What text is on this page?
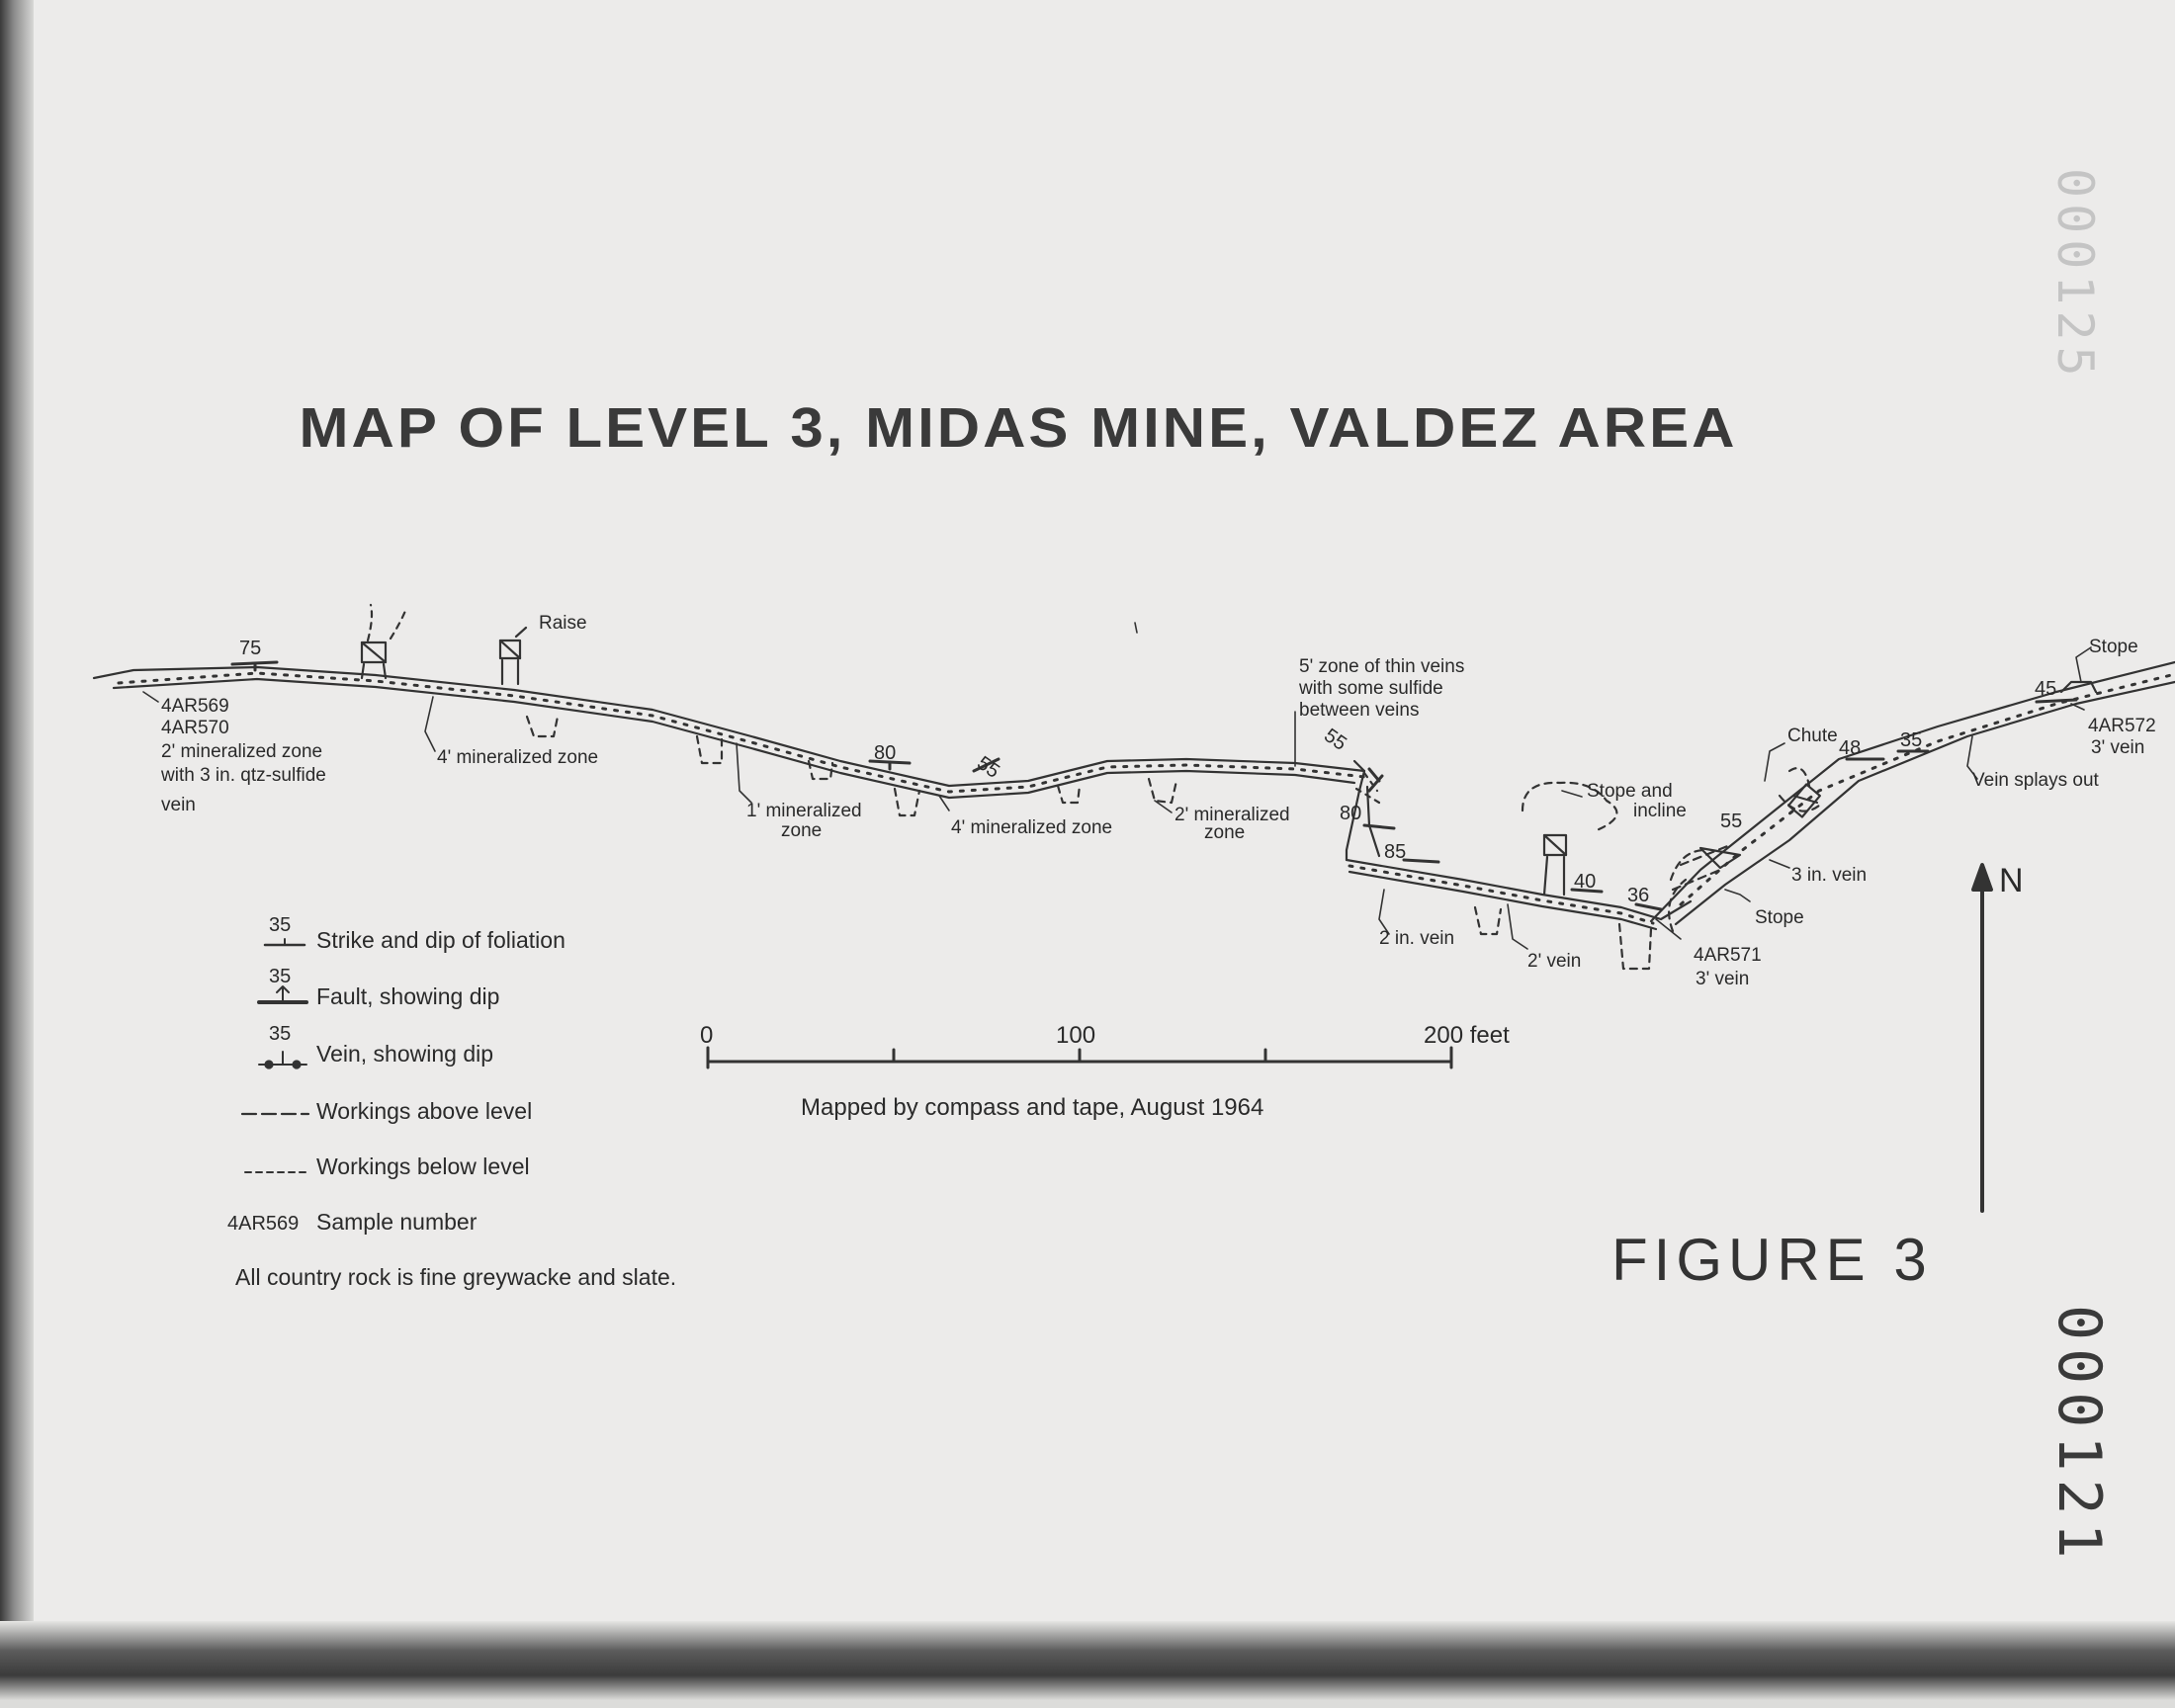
MAP OF LEVEL 3, MIDAS MINE, VALDEZ AREA
000125
000121
FIGURE 3
75
80	55
55
80
85
40
36
55
48 35
45
Raise
5' zone of thin veins
with some sulfide
between veins
4AR569
4AR570
2' mineralized zone
with 3 in. qtz-sulfide
vein
4' mineralized zone
1' mineralized
zone	4' mineralized zone
2' mineralized
zone
Stope and
incline
Chute
Stope
Stope
3 in. vein
2 in. vein
2' vein	4AR571
3' vein
4AR572
3' vein
Vein splays out
35
Strike and dip of foliation
35
Fault, showing dip
35
Vein, showing dip
Workings above level
Workings below level
4AR569 Sample number
All country rock is fine greywacke and slate.
0	100	200 feet
Mapped by compass and tape, August 1964
N
